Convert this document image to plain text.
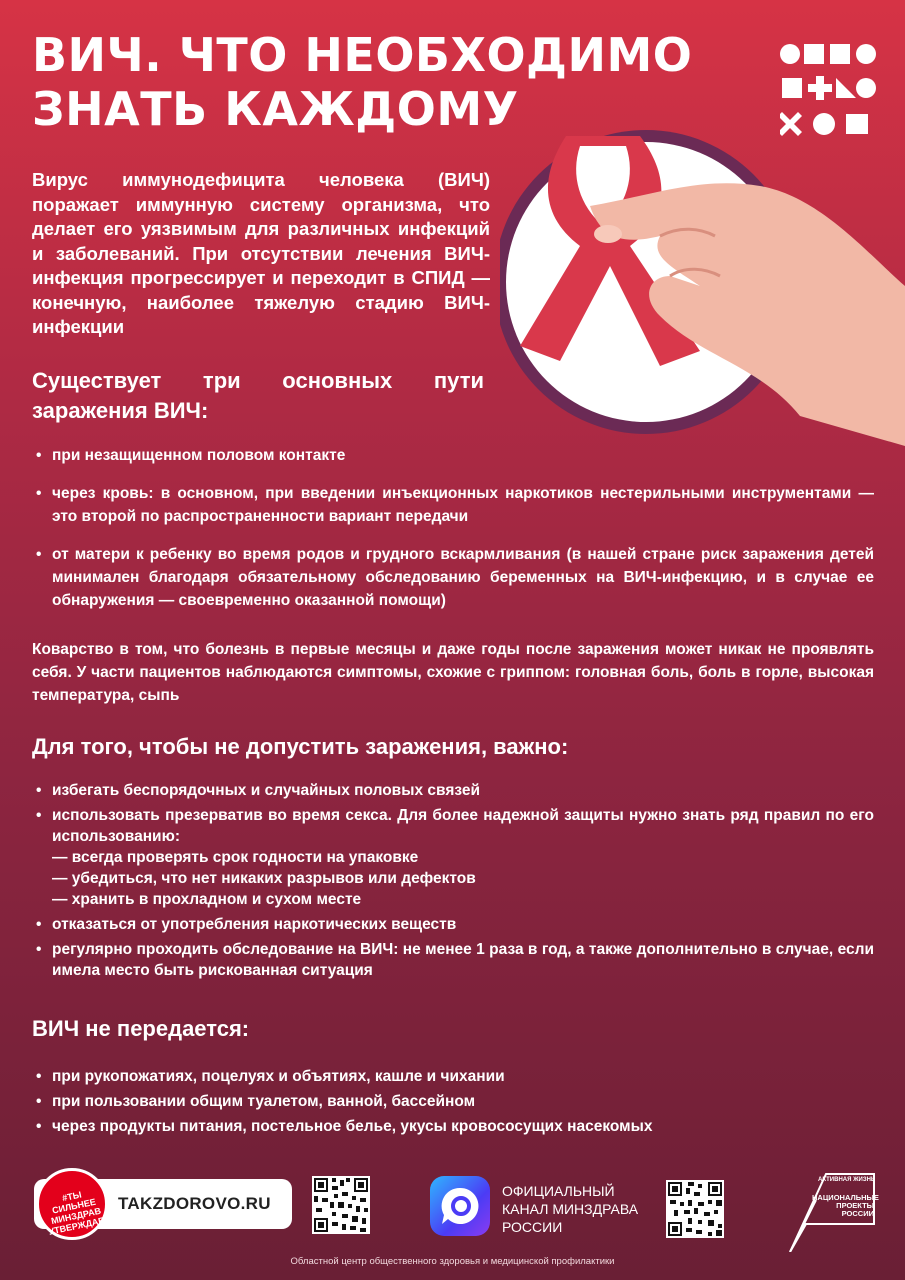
ВИЧ. ЧТО НЕОБХОДИМО ЗНАТЬ КАЖДОМУ

Вирус иммунодефицита человека (ВИЧ) поражает иммунную систему организма, что делает его уязвимым для различных инфекций и заболеваний. При отсутствии лечения ВИЧ-инфекция прогрессирует и переходит в СПИД — конечную, наиболее тяжелую стадию ВИЧ-инфекции

Существует три основных пути заражения ВИЧ:
• при незащищенном половом контакте
• через кровь: в основном, при введении инъекционных наркотиков нестерильными инструментами — это второй по распространенности вариант передачи
• от матери к ребенку во время родов и грудного вскармливания (в нашей стране риск заражения детей минимален благодаря обязательному обследованию беременных на ВИЧ-инфекцию, и в случае ее обнаружения — своевременно оказанной помощи)

Коварство в том, что болезнь в первые месяцы и даже годы после заражения может никак не проявлять себя. У части пациентов наблюдаются симптомы, схожие с гриппом: головная боль, боль в горле, высокая температура, сыпь

Для того, чтобы не допустить заражения, важно:
• избегать беспорядочных и случайных половых связей
• использовать презерватив во время секса. Для более надежной защиты нужно знать ряд правил по его использованию:
— всегда проверять срок годности на упаковке
— убедиться, что нет никаких разрывов или дефектов
— хранить в прохладном и сухом месте
• отказаться от употребления наркотических веществ
• регулярно проходить обследование на ВИЧ: не менее 1 раза в год, а также дополнительно в случае, если имела место быть рискованная ситуация
ВИЧ не передается:
• при рукопожатиях, поцелуях и объятиях, кашле и чихании
• при пользовании общим туалетом, ванной, бассейном
• через продукты питания, постельное белье, укусы кровососущих насекомых
TAKZDOROVO.RU
#ТЫ СИЛЬНЕЕ МИНЗДРАВ УТВЕРЖДАЕТ
ОФИЦИАЛЬНЫЙ КАНАЛ МИНЗДРАВА РОССИИ
АКТИВНАЯ ЖИЗНЬ
НАЦИОНАЛЬНЫЕ ПРОЕКТЫ РОССИИ
Областной центр общественного здоровья и медицинской профилактики
